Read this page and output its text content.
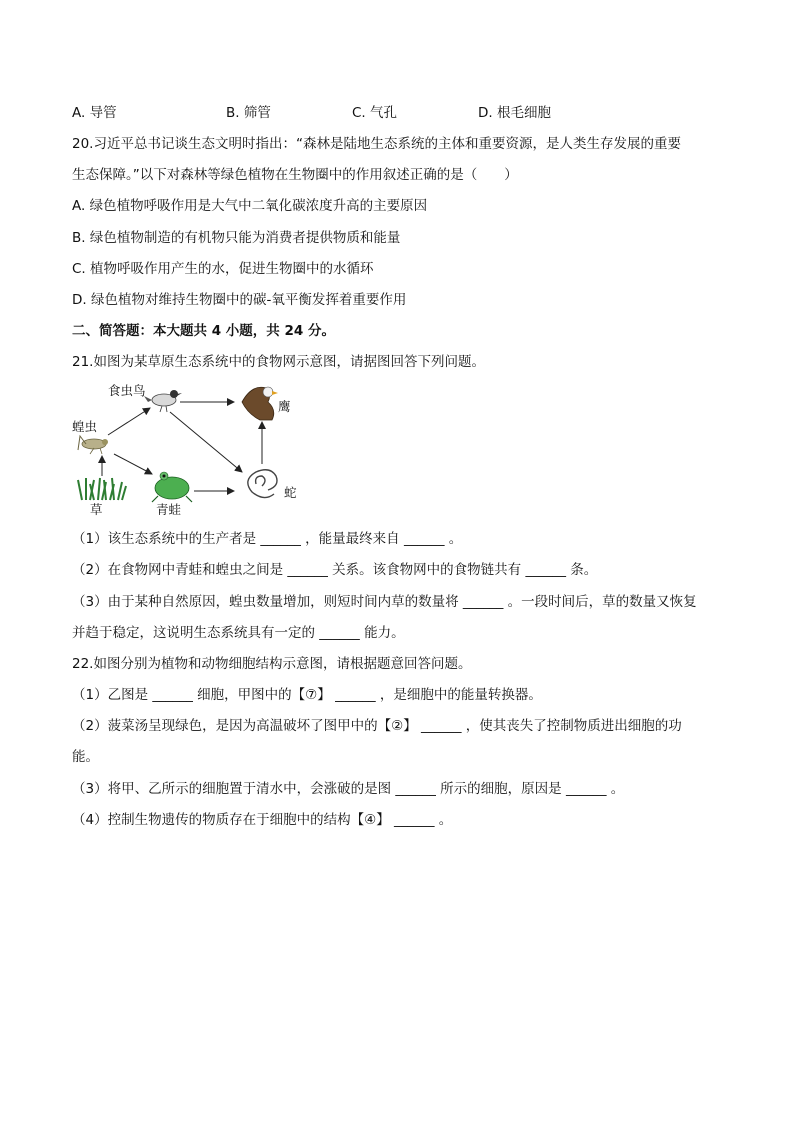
A. 导管	B. 筛管	C. 气孔	D. 根毛细胞
20.习近平总书记谈生态文明时指出：“森林是陆地生态系统的主体和重要资源，是人类生存发展的重要
生态保障。”以下对森林等绿色植物在生物圈中的作用叙述正确的是（　　）
A. 绿色植物呼吸作用是大气中二氧化碳浓度升高的主要原因
B. 绿色植物制造的有机物只能为消费者提供物质和能量
C. 植物呼吸作用产生的水，促进生物圈中的水循环
D. 绿色植物对维持生物圈中的碳-氧平衡发挥着重要作用
二、简答题：本大题共 4 小题，共 24 分。
21.如图为某草原生态系统中的食物网示意图，请据图回答下列问题。
食虫鸟
鹰
蝗虫
草	青蛙
蛇
（1）该生态系统中的生产者是 ______ ，能量最终来自 ______ 。
（2）在食物网中青蛙和蝗虫之间是 ______ 关系。该食物网中的食物链共有 ______ 条。
（3）由于某种自然原因，蝗虫数量增加，则短时间内草的数量将 ______ 。一段时间后，草的数量又恢复
并趋于稳定，这说明生态系统具有一定的 ______ 能力。
22.如图分别为植物和动物细胞结构示意图，请根据题意回答问题。
（1）乙图是 ______ 细胞，甲图中的【⑦】 ______ ，是细胞中的能量转换器。
（2）菠菜汤呈现绿色，是因为高温破坏了图甲中的【②】 ______ ，使其丧失了控制物质进出细胞的功
能。
（3）将甲、乙所示的细胞置于清水中，会涨破的是图 ______ 所示的细胞，原因是 ______ 。
（4）控制生物遗传的物质存在于细胞中的结构【④】 ______ 。
